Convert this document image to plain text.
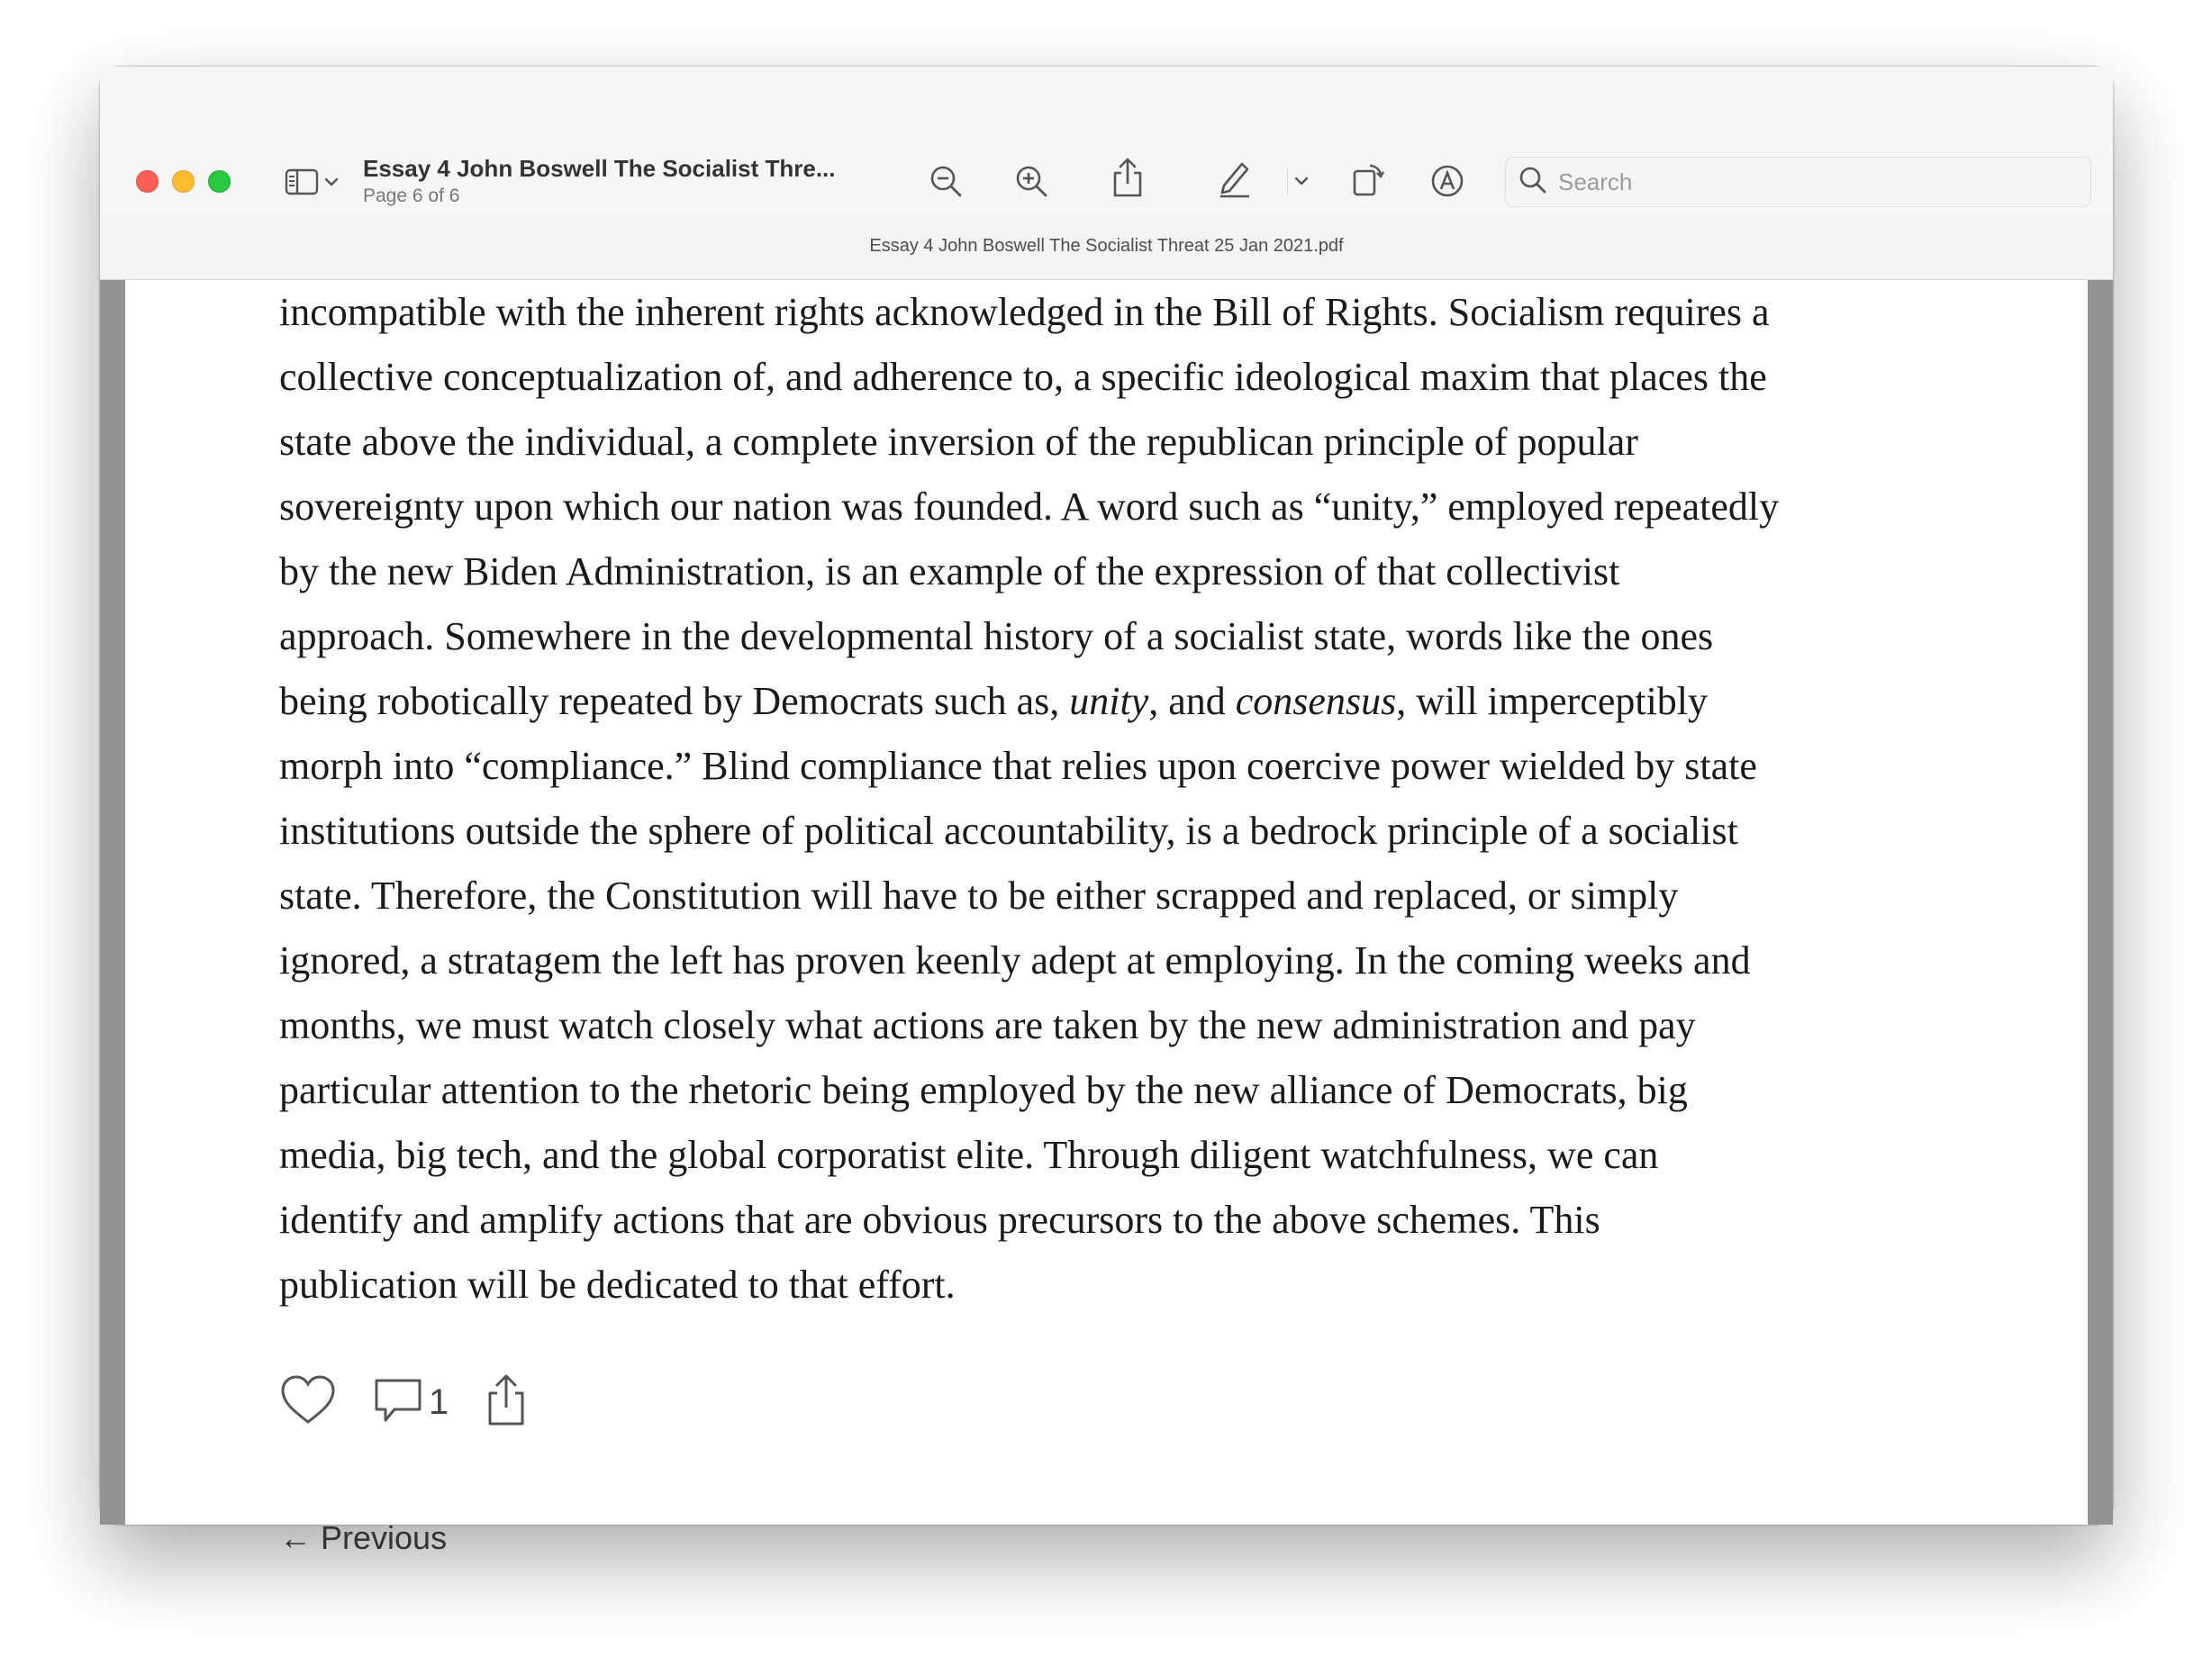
Essay 4 John Boswell The Socialist Thre...
Page 6 of 6
Search
Essay 4 John Boswell The Socialist Threat 25 Jan 2021.pdf
incompatible with the inherent rights acknowledged in the Bill of Rights. Socialism requires a
collective conceptualization of, and adherence to, a specific ideological maxim that places the
state above the individual, a complete inversion of the republican principle of popular
sovereignty upon which our nation was founded. A word such as “unity,” employed repeatedly
by the new Biden Administration, is an example of the expression of that collectivist
approach. Somewhere in the developmental history of a socialist state, words like the ones
being robotically repeated by Democrats such as, unity, and consensus, will imperceptibly
morph into “compliance.” Blind compliance that relies upon coercive power wielded by state
institutions outside the sphere of political accountability, is a bedrock principle of a socialist
state. Therefore, the Constitution will have to be either scrapped and replaced, or simply
ignored, a stratagem the left has proven keenly adept at employing. In the coming weeks and
months, we must watch closely what actions are taken by the new administration and pay
particular attention to the rhetoric being employed by the new alliance of Democrats, big
media, big tech, and the global corporatist elite. Through diligent watchfulness, we can
identify and amplify actions that are obvious precursors to the above schemes. This
publication will be dedicated to that effort.
1
← Previous
